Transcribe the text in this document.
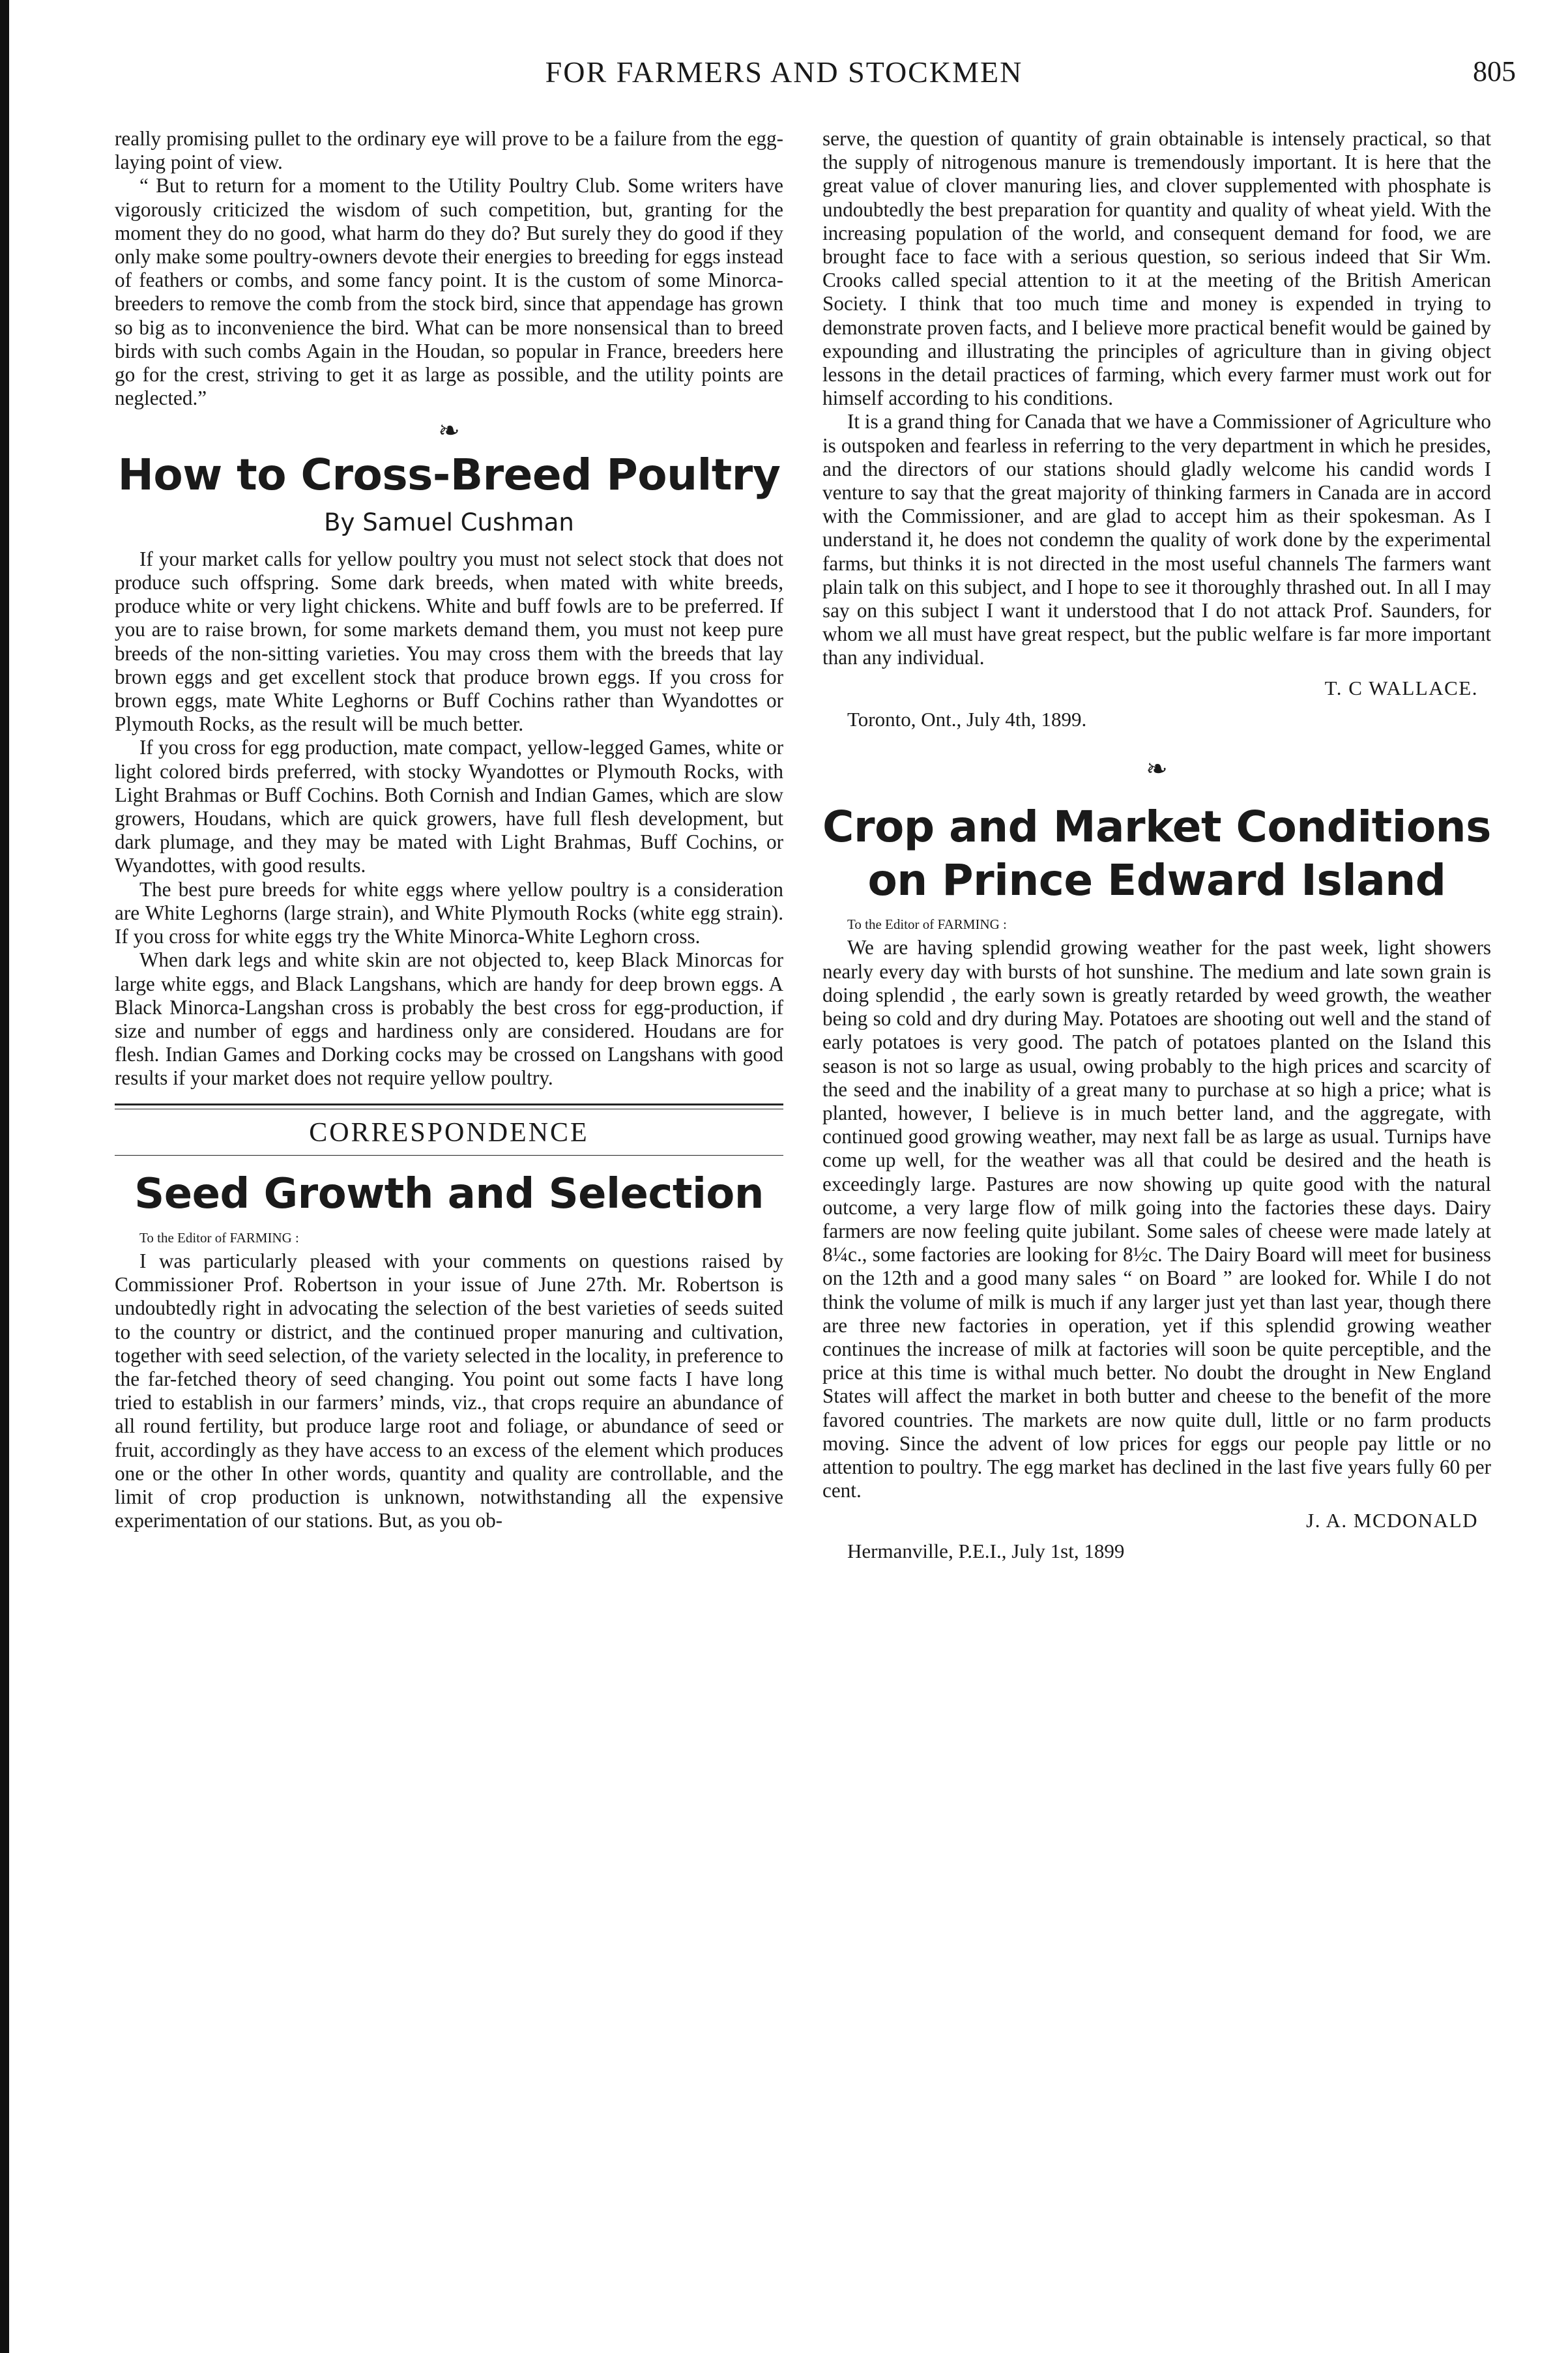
FOR FARMERS AND STOCKMEN	805

really promising pullet to the ordinary eye will prove to be a failure from the egg-laying point of view.

“ But to return for a moment to the Utility Poultry Club. Some writers have vigorously criticized the wisdom of such competition, but, granting for the moment they do no good, what harm do they do? But surely they do good if they only make some poultry-owners devote their energies to breeding for eggs instead of feathers or combs, and some fancy point. It is the custom of some Minorca-breeders to remove the comb from the stock bird, since that appendage has grown so big as to inconvenience the bird. What can be more nonsensical than to breed birds with such combs Again in the Houdan, so popular in France, breeders here go for the crest, striving to get it as large as possible, and the utility points are neglected.”

❧
How to Cross-Breed Poultry
By Samuel Cushman

If your market calls for yellow poultry you must not select stock that does not produce such offspring. Some dark breeds, when mated with white breeds, produce white or very light chickens. White and buff fowls are to be preferred. If you are to raise brown, for some markets demand them, you must not keep pure breeds of the non-sitting varieties. You may cross them with the breeds that lay brown eggs and get excellent stock that produce brown eggs. If you cross for brown eggs, mate White Leghorns or Buff Cochins rather than Wyandottes or Plymouth Rocks, as the result will be much better.

If you cross for egg production, mate compact, yellow-legged Games, white or light colored birds preferred, with stocky Wyandottes or Plymouth Rocks, with Light Brahmas or Buff Cochins. Both Cornish and Indian Games, which are slow growers, Houdans, which are quick growers, have full flesh development, but dark plumage, and they may be mated with Light Brahmas, Buff Cochins, or Wyandottes, with good results.

The best pure breeds for white eggs where yellow poultry is a consideration are White Leghorns (large strain), and White Plymouth Rocks (white egg strain). If you cross for white eggs try the White Minorca-White Leghorn cross.

When dark legs and white skin are not objected to, keep Black Minorcas for large white eggs, and Black Langshans, which are handy for deep brown eggs. A Black Minorca-Langshan cross is probably the best cross for egg-production, if size and number of eggs and hardiness only are considered. Houdans are for flesh. Indian Games and Dorking cocks may be crossed on Langshans with good results if your market does not require yellow poultry.

CORRESPONDENCE
Seed Growth and Selection

To the Editor of FARMING :

I was particularly pleased with your comments on questions raised by Commissioner Prof. Robertson in your issue of June 27th. Mr. Robertson is undoubtedly right in advocating the selection of the best varieties of seeds suited to the country or district, and the continued proper manuring and cultivation, together with seed selection, of the variety selected in the locality, in preference to the far-fetched theory of seed changing. You point out some facts I have long tried to establish in our farmers’ minds, viz., that crops require an abundance of all round fertility, but produce large root and foliage, or abundance of seed or fruit, accordingly as they have access to an excess of the element which produces one or the other In other words, quantity and quality are controllable, and the limit of crop production is unknown, notwithstanding all the expensive experimentation of our stations. But, as you ob-

serve, the question of quantity of grain obtainable is intensely practical, so that the supply of nitrogenous manure is tremendously important. It is here that the great value of clover manuring lies, and clover supplemented with phosphate is undoubtedly the best preparation for quantity and quality of wheat yield. With the increasing population of the world, and consequent demand for food, we are brought face to face with a serious question, so serious indeed that Sir Wm. Crooks called special attention to it at the meeting of the British American Society. I think that too much time and money is expended in trying to demonstrate proven facts, and I believe more practical benefit would be gained by expounding and illustrating the principles of agriculture than in giving object lessons in the detail practices of farming, which every farmer must work out for himself according to his conditions.

It is a grand thing for Canada that we have a Commissioner of Agriculture who is outspoken and fearless in referring to the very department in which he presides, and the directors of our stations should gladly welcome his candid words I venture to say that the great majority of thinking farmers in Canada are in accord with the Commissioner, and are glad to accept him as their spokesman. As I understand it, he does not condemn the quality of work done by the experimental farms, but thinks it is not directed in the most useful channels The farmers want plain talk on this subject, and I hope to see it thoroughly thrashed out. In all I may say on this subject I want it understood that I do not attack Prof. Saunders, for whom we all must have great respect, but the public welfare is far more important than any individual.

T. C WALLACE.
Toronto, Ont., July 4th, 1899.
❧
Crop and Market Conditions on Prince Edward Island

To the Editor of FARMING :

We are having splendid growing weather for the past week, light showers nearly every day with bursts of hot sunshine. The medium and late sown grain is doing splendid , the early sown is greatly retarded by weed growth, the weather being so cold and dry during May. Potatoes are shooting out well and the stand of early potatoes is very good. The patch of potatoes planted on the Island this season is not so large as usual, owing probably to the high prices and scarcity of the seed and the inability of a great many to purchase at so high a price; what is planted, however, I believe is in much better land, and the aggregate, with continued good growing weather, may next fall be as large as usual. Turnips have come up well, for the weather was all that could be desired and the heath is exceedingly large. Pastures are now showing up quite good with the natural outcome, a very large flow of milk going into the factories these days. Dairy farmers are now feeling quite jubilant. Some sales of cheese were made lately at 8¼c., some factories are looking for 8½c. The Dairy Board will meet for business on the 12th and a good many sales “ on Board ” are looked for. While I do not think the volume of milk is much if any larger just yet than last year, though there are three new factories in operation, yet if this splendid growing weather continues the increase of milk at factories will soon be quite perceptible, and the price at this time is withal much better. No doubt the drought in New England States will affect the market in both butter and cheese to the benefit of the more favored countries. The markets are now quite dull, little or no farm products moving. Since the advent of low prices for eggs our people pay little or no attention to poultry. The egg market has declined in the last five years fully 60 per cent.

J. A. MCDONALD
Hermanville, P.E.I., July 1st, 1899
